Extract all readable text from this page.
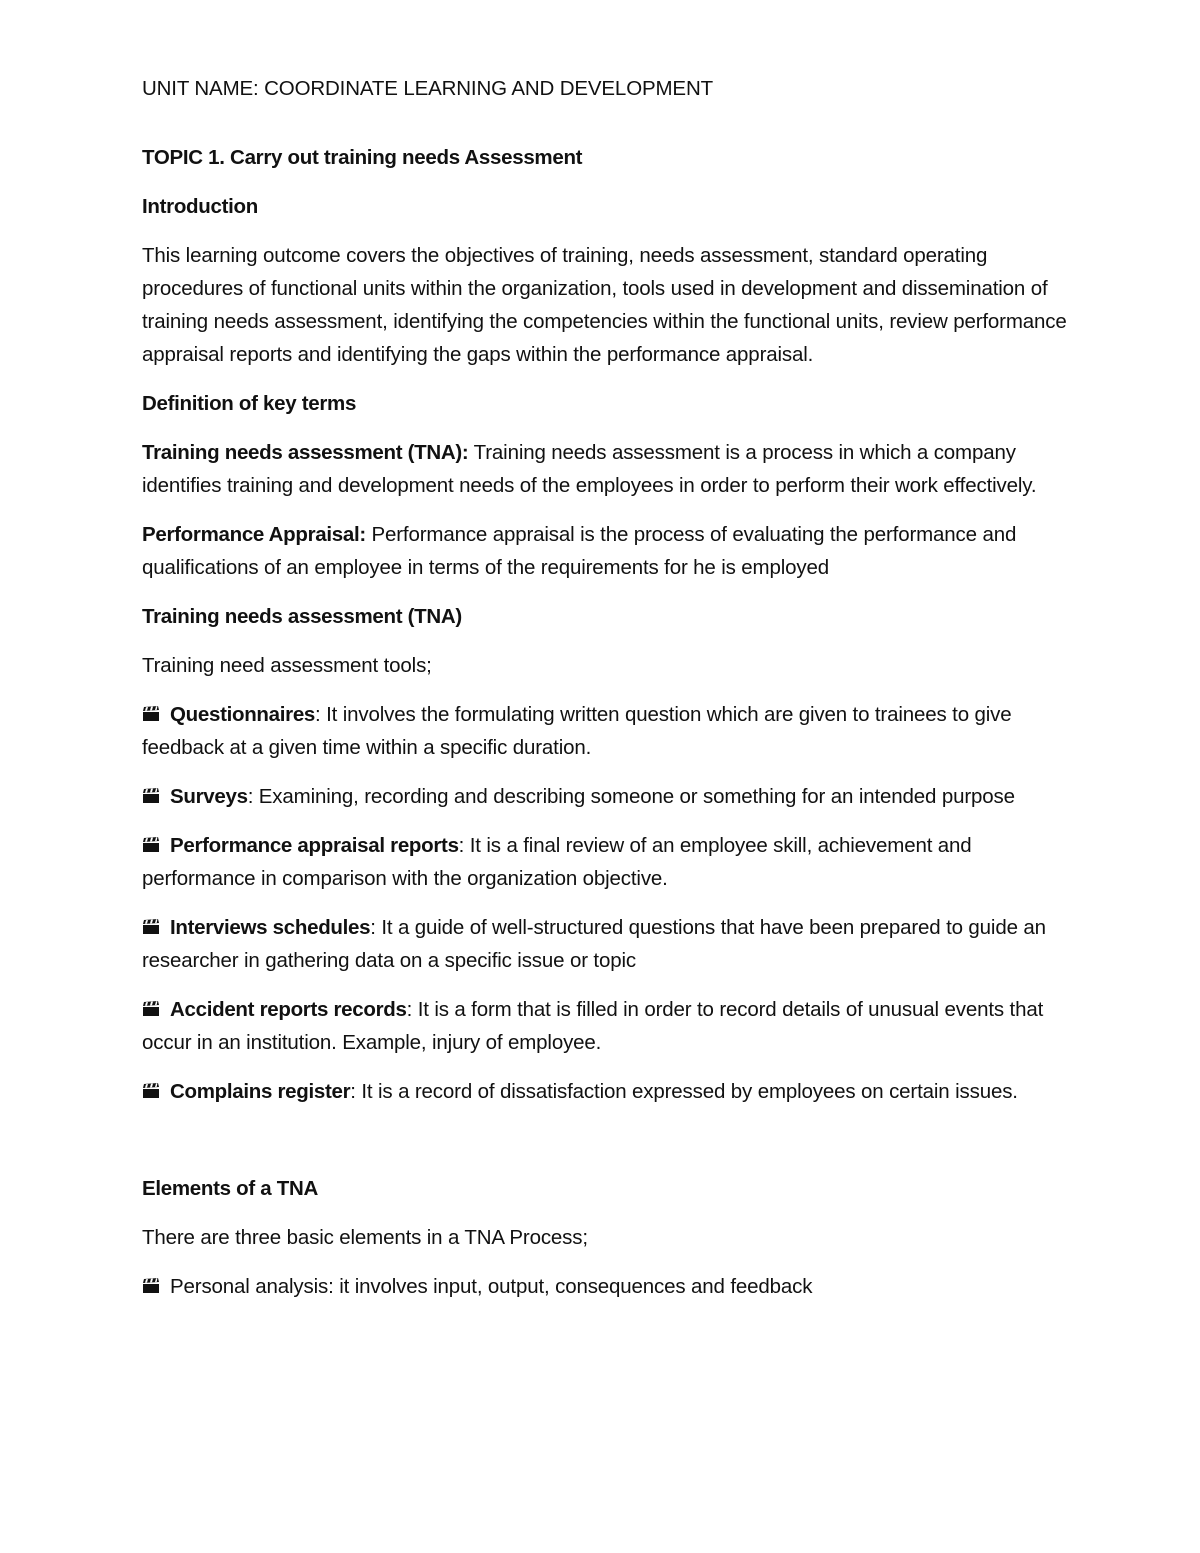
UNIT NAME: COORDINATE LEARNING AND DEVELOPMENT

TOPIC 1. Carry out training needs Assessment

Introduction

This learning outcome covers the objectives of training, needs assessment, standard operating procedures of functional units within the organization, tools used in development and dissemination of training needs assessment, identifying the competencies within the functional units, review performance appraisal reports and identifying the gaps within the performance appraisal.

Definition of key terms

Training needs assessment (TNA): Training needs assessment is a process in which a company identifies training and development needs of the employees in order to perform their work effectively.

Performance Appraisal: Performance appraisal is the process of evaluating the performance and qualifications of an employee in terms of the requirements for he is employed

Training needs assessment (TNA)

Training need assessment tools;

Questionnaires: It involves the formulating written question which are given to trainees to give feedback at a given time within a specific duration.

Surveys: Examining, recording and describing someone or something for an intended purpose

Performance appraisal reports: It is a final review of an employee skill, achievement and performance in comparison with the organization objective.

Interviews schedules: It a guide of well-structured questions that have been prepared to guide an researcher in gathering data on a specific issue or topic

Accident reports records: It is a form that is filled in order to record details of unusual events that occur in an institution. Example, injury of employee.

Complains register: It is a record of dissatisfaction expressed by employees on certain issues.

Elements of a TNA

There are three basic elements in a TNA Process;

Personal analysis: it involves input, output, consequences and feedback
